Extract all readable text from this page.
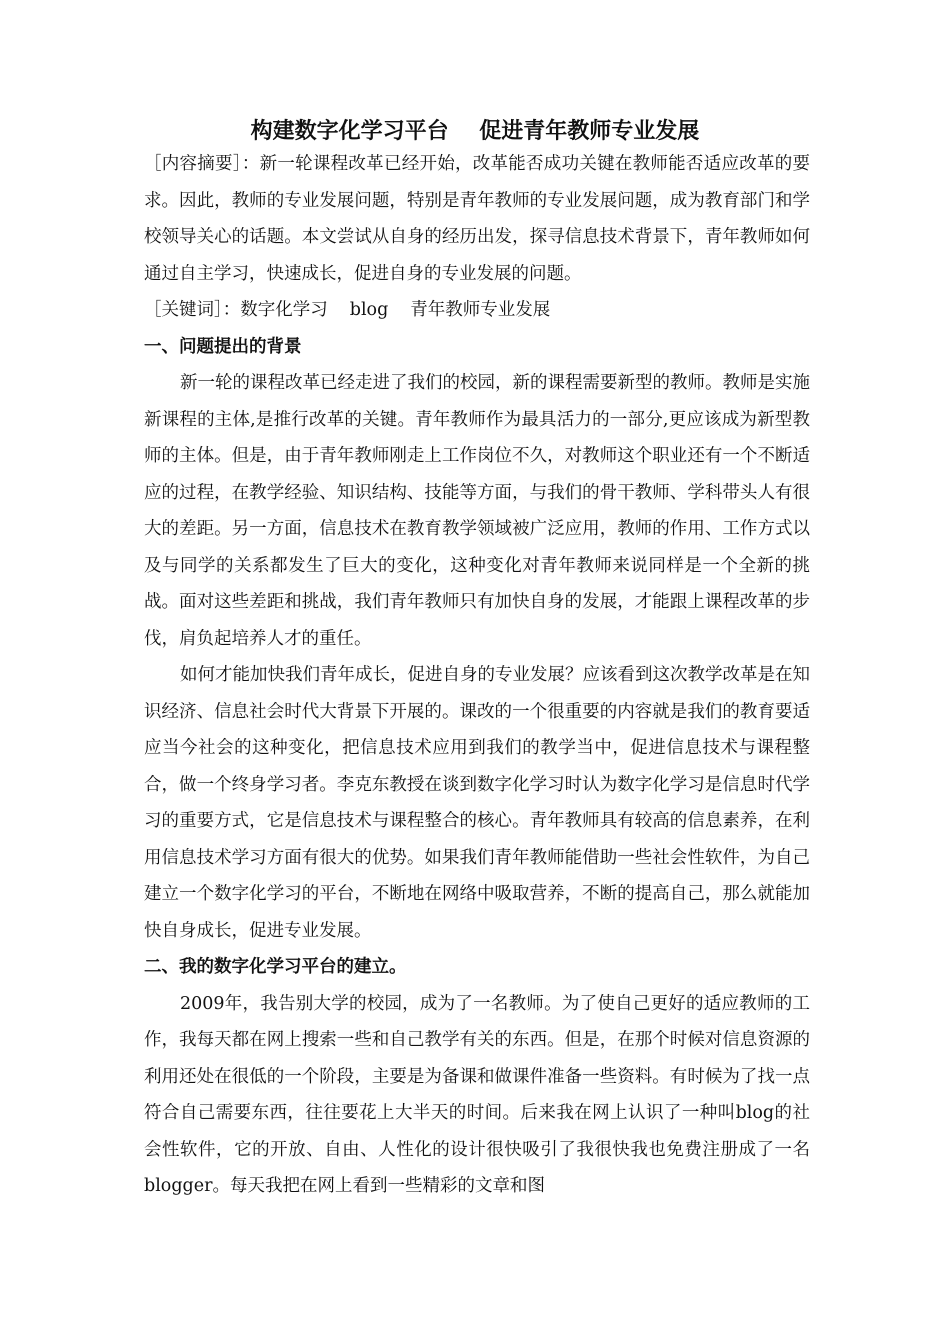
构建数字化学习平台    促进青年教师专业发展

［内容摘要］：新一轮课程改革已经开始，改革能否成功关键在教师能否适应改革的要求。因此，教师的专业发展问题，特别是青年教师的专业发展问题，成为教育部门和学校领导关心的话题。本文尝试从自身的经历出发，探寻信息技术背景下，青年教师如何通过自主学习，快速成长，促进自身的专业发展的问题。

［关键词］：数字化学习 blog 青年教师专业发展

一、问题提出的背景

新一轮的课程改革已经走进了我们的校园，新的课程需要新型的教师。教师是实施新课程的主体,是推行改革的关键。青年教师作为最具活力的一部分,更应该成为新型教师的主体。但是，由于青年教师刚走上工作岗位不久，对教师这个职业还有一个不断适应的过程，在教学经验、知识结构、技能等方面，与我们的骨干教师、学科带头人有很大的差距。另一方面，信息技术在教育教学领域被广泛应用，教师的作用、工作方式以及与同学的关系都发生了巨大的变化，这种变化对青年教师来说同样是一个全新的挑战。面对这些差距和挑战，我们青年教师只有加快自身的发展，才能跟上课程改革的步伐，肩负起培养人才的重任。

如何才能加快我们青年成长，促进自身的专业发展？应该看到这次教学改革是在知识经济、信息社会时代大背景下开展的。课改的一个很重要的内容就是我们的教育要适应当今社会的这种变化，把信息技术应用到我们的教学当中，促进信息技术与课程整合，做一个终身学习者。李克东教授在谈到数字化学习时认为数字化学习是信息时代学习的重要方式，它是信息技术与课程整合的核心。青年教师具有较高的信息素养，在利用信息技术学习方面有很大的优势。如果我们青年教师能借助一些社会性软件，为自己建立一个数字化学习的平台，不断地在网络中吸取营养，不断的提高自己，那么就能加快自身成长，促进专业发展。

二、我的数字化学习平台的建立。

2009年，我告别大学的校园，成为了一名教师。为了使自己更好的适应教师的工作，我每天都在网上搜索一些和自己教学有关的东西。但是，在那个时候对信息资源的利用还处在很低的一个阶段，主要是为备课和做课件准备一些资料。有时候为了找一点符合自己需要东西，往往要花上大半天的时间。后来我在网上认识了一种叫blog的社会性软件，它的开放、自由、人性化的设计很快吸引了我很快我也免费注册成了一名blogger。每天我把在网上看到一些精彩的文章和图
